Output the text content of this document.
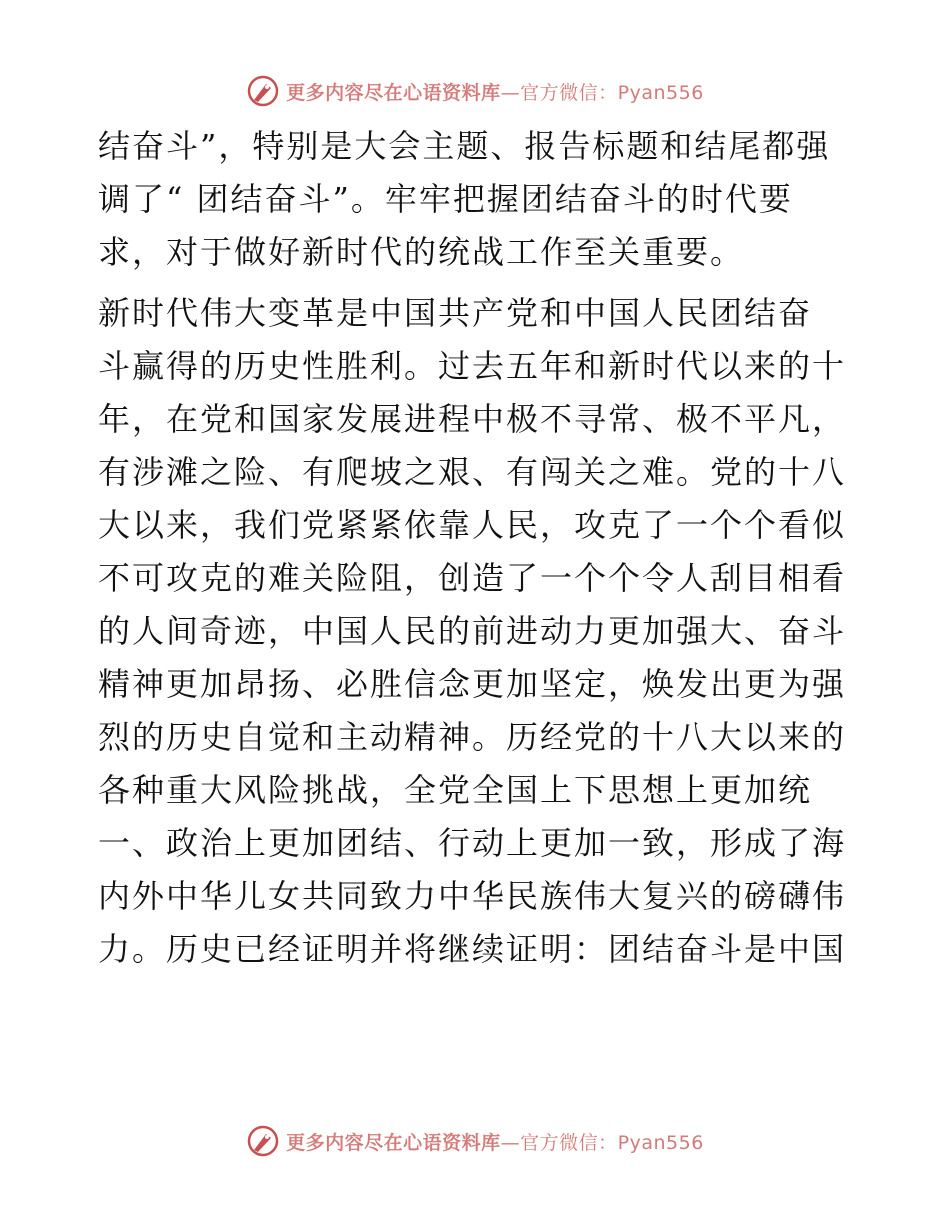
更多内容尽在心语资料库—官方微信：Pyan556

结奋斗”，特别是大会主题、报告标题和结尾都强
调了“ 团结奋斗”。牢牢把握团结奋斗的时代要
求，对于做好新时代的统战工作至关重要。

新时代伟大变革是中国共产党和中国人民团结奋
斗赢得的历史性胜利。过去五年和新时代以来的十
年，在党和国家发展进程中极不寻常、极不平凡，
有涉滩之险、有爬坡之艰、有闯关之难。党的十八
大以来，我们党紧紧依靠人民，攻克了一个个看似
不可攻克的难关险阻，创造了一个个令人刮目相看
的人间奇迹，中国人民的前进动力更加强大、奋斗
精神更加昂扬、必胜信念更加坚定，焕发出更为强
烈的历史自觉和主动精神。历经党的十八大以来的
各种重大风险挑战，全党全国上下思想上更加统
一、政治上更加团结、行动上更加一致，形成了海
内外中华儿女共同致力中华民族伟大复兴的磅礴伟
力。历史已经证明并将继续证明：团结奋斗是中国

更多内容尽在心语资料库—官方微信：Pyan556
